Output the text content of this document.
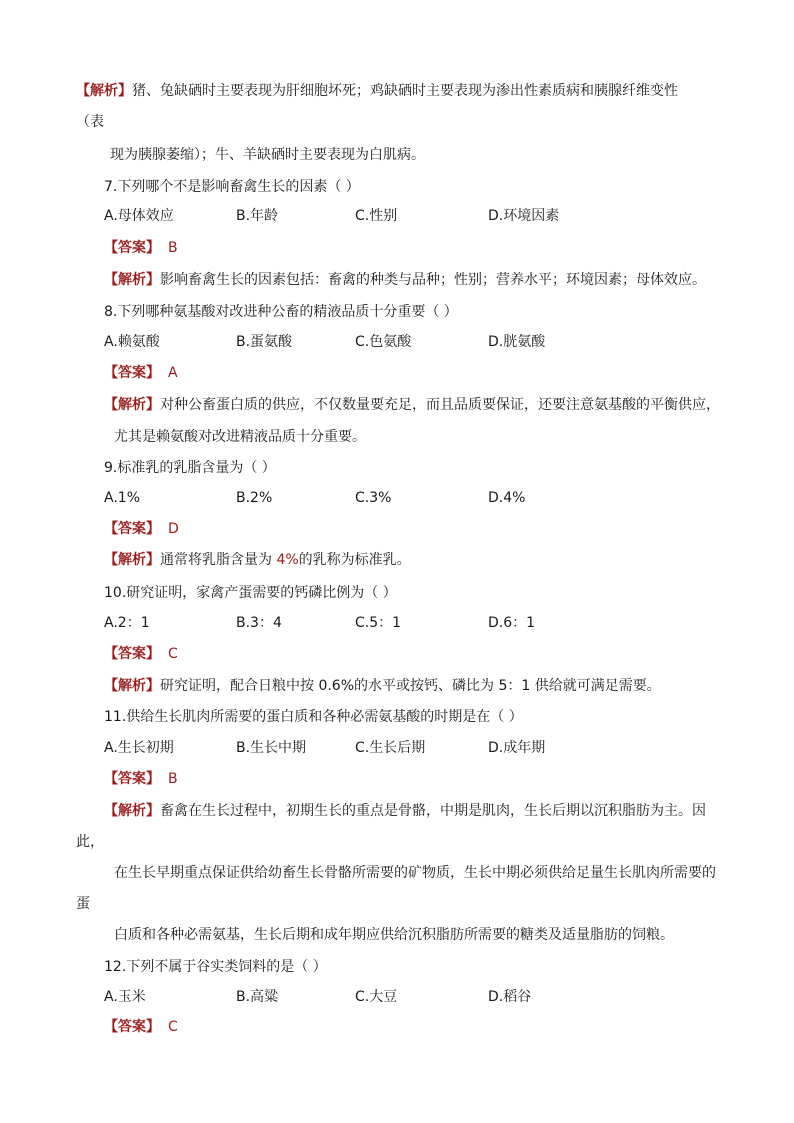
【解析】猪、兔缺硒时主要表现为肝细胞坏死；鸡缺硒时主要表现为渗出性素质病和胰腺纤维变性
（表
现为胰腺萎缩）；牛、羊缺硒时主要表现为白肌病。
7.下列哪个不是影响畜禽生长的因素（ ）
A.母体效应	B.年龄	C.性别	D.环境因素
【答案】 B
【解析】影响畜禽生长的因素包括：畜禽的种类与品种；性别；营养水平；环境因素；母体效应。
8.下列哪种氨基酸对改进种公畜的精液品质十分重要（ ）
A.赖氨酸	B.蛋氨酸	C.色氨酸	D.胱氨酸
【答案】 A
【解析】对种公畜蛋白质的供应，不仅数量要充足，而且品质要保证，还要注意氨基酸的平衡供应，
尤其是赖氨酸对改进精液品质十分重要。
9.标准乳的乳脂含量为（ ）
A.1%	B.2%	C.3%	D.4%
【答案】 D
【解析】通常将乳脂含量为 4%的乳称为标准乳。
10.研究证明，家禽产蛋需要的钙磷比例为（ ）
A.2：1	B.3：4	C.5：1	D.6：1
【答案】 C
【解析】研究证明，配合日粮中按 0.6%的水平或按钙、磷比为 5：1 供给就可满足需要。
11.供给生长肌肉所需要的蛋白质和各种必需氨基酸的时期是在（ ）
A.生长初期	B.生长中期	C.生长后期	D.成年期
【答案】 B
【解析】畜禽在生长过程中，初期生长的重点是骨骼，中期是肌肉，生长后期以沉积脂肪为主。因
此，
在生长早期重点保证供给幼畜生长骨骼所需要的矿物质，生长中期必须供给足量生长肌肉所需要的
蛋
白质和各种必需氨基，生长后期和成年期应供给沉积脂肪所需要的糖类及适量脂肪的饲粮。
12.下列不属于谷实类饲料的是（ ）
A.玉米	B.高粱	C.大豆	D.稻谷
【答案】 C
